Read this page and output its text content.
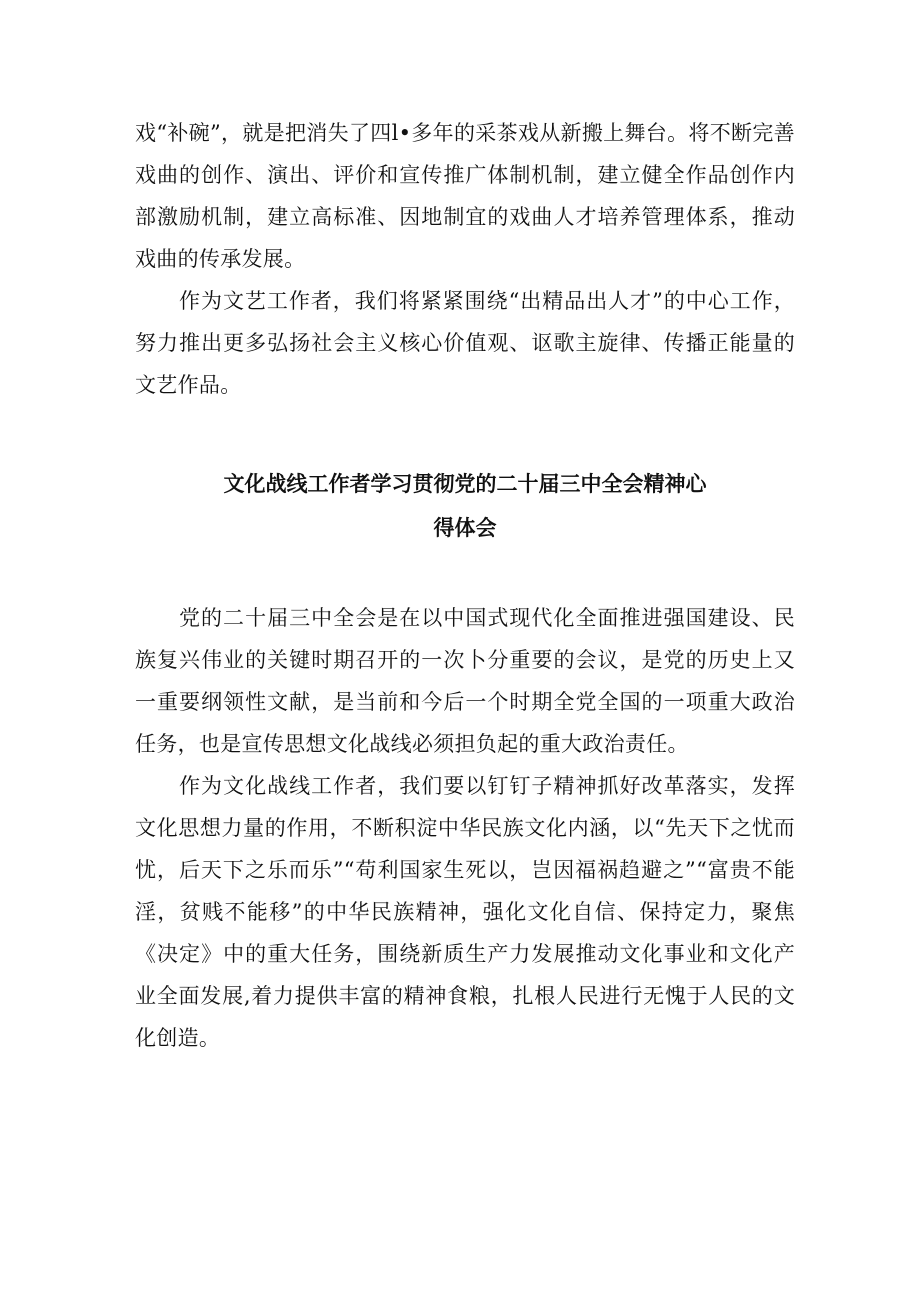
戏“补碗”，就是把消失了四l•多年的采茶戏从新搬上舞台。将不断完善戏曲的创作、演出、评价和宣传推广体制机制，建立健全作品创作内部激励机制，建立高标准、因地制宜的戏曲人才培养管理体系，推动戏曲的传承发展。

作为文艺工作者，我们将紧紧围绕“出精品出人才”的中心工作，努力推出更多弘扬社会主义核心价值观、讴歌主旋律、传播正能量的文艺作品。

文化战线工作者学习贯彻党的二十届三中全会精神心

得体会

党的二十届三中全会是在以中国式现代化全面推进强国建设、民族复兴伟业的关键时期召开的一次卜分重要的会议，是党的历史上又一重要纲领性文献，是当前和今后一个时期全党全国的一项重大政治任务，也是宣传思想文化战线必须担负起的重大政治责任。

作为文化战线工作者，我们要以钉钉子精神抓好改革落实，发挥文化思想力量的作用，不断积淀中华民族文化内涵，以“先天下之忧而忧，后天下之乐而乐”“苟利国家生死以，岂因福祸趋避之”“富贵不能淫，贫贱不能移”的中华民族精神，强化文化自信、保持定力，聚焦《决定》中的重大任务，围绕新质生产力发展推动文化事业和文化产业全面发展,着力提供丰富的精神食粮，扎根人民进行无愧于人民的文化创造。
